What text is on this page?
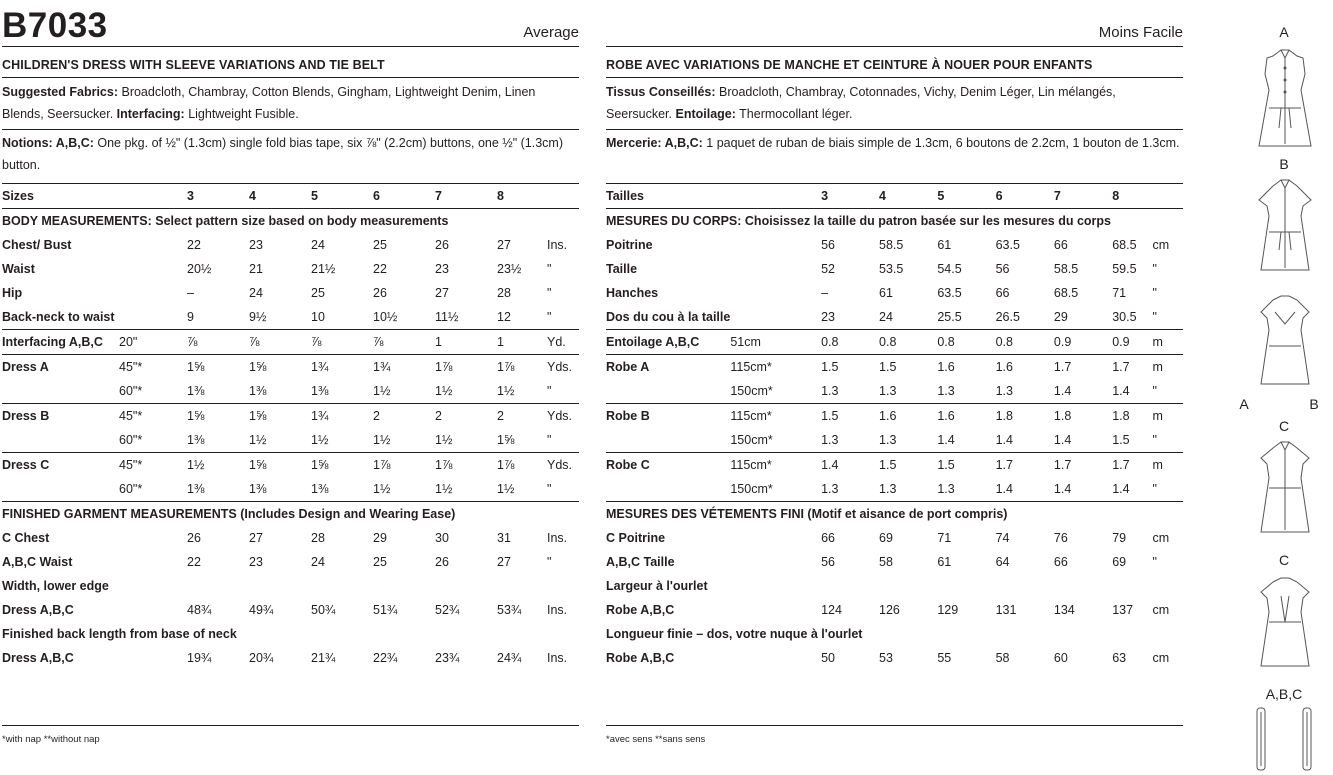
B7033	Average
CHILDREN'S DRESS WITH SLEEVE VARIATIONS AND TIE BELT
Suggested Fabrics: Broadcloth, Chambray, Cotton Blends, Gingham, Lightweight Denim, Linen Blends, Seersucker. Interfacing: Lightweight Fusible.
Notions: A,B,C: One pkg. of ½" (1.3cm) single fold bias tape, six ⅞" (2.2cm) buttons, one ½" (1.3cm) button.
Sizes		3	4	5	6	7	8		
BODY MEASUREMENTS: Select pattern size based on body measurements									
Chest/ Bust		22	23	24	25	26	27	Ins.	
Waist		20½	21	21½	22	23	23½	"	
Hip		–	24	25	26	27	28	"	
Back-neck to waist		9	9½	10	10½	11½	12	"	
Interfacing A,B,C	20"	⅞	⅞	⅞	⅞	1	1	Yd.	
Dress A	45"*	1⅝	1⅝	1¾	1¾	1⅞	1⅞	Yds.	
	60"*	1⅜	1⅜	1⅜	1½	1½	1½	"	
Dress B	45"*	1⅝	1⅝	1¾	2	2	2	Yds.	
	60"*	1⅜	1½	1½	1½	1½	1⅝	"	
Dress C	45"*	1½	1⅝	1⅝	1⅞	1⅞	1⅞	Yds.	
	60"*	1⅜	1⅜	1⅜	1½	1½	1½	"	
FINISHED GARMENT MEASUREMENTS (Includes Design and Wearing Ease)									
C Chest		26	27	28	29	30	31	Ins.	
A,B,C Waist		22	23	24	25	26	27	"	
Width, lower edge									
Dress A,B,C		48¾	49¾	50¾	51¾	52¾	53¾	Ins.	
Finished back length from base of neck									
Dress A,B,C		19¾	20¾	21¾	22¾	23¾	24¾	Ins.	
*with nap **without nap
Moins Facile
ROBE AVEC VARIATIONS DE MANCHE ET CEINTURE À NOUER POUR ENFANTS
Tissus Conseillés: Broadcloth, Chambray, Cotonnades, Vichy, Denim Léger, Lin mélangés, Seersucker. Entoilage: Thermocollant léger.
Mercerie: A,B,C: 1 paquet de ruban de biais simple de 1.3cm, 6 boutons de 2.2cm, 1 bouton de 1.3cm.
Tailles		3	4	5	6	7	8		
MESURES DU CORPS: Choisissez la taille du patron basée sur les mesures du corps									
Poitrine		56	58.5	61	63.5	66	68.5	cm	
Taille		52	53.5	54.5	56	58.5	59.5	"	
Hanches		–	61	63.5	66	68.5	71	"	
Dos du cou à la taille		23	24	25.5	26.5	29	30.5	"	
Entoilage A,B,C	51cm	0.8	0.8	0.8	0.8	0.9	0.9	m	
Robe A	115cm*	1.5	1.5	1.6	1.6	1.7	1.7	m	
	150cm*	1.3	1.3	1.3	1.3	1.4	1.4	"	
Robe B	115cm*	1.5	1.6	1.6	1.8	1.8	1.8	m	
	150cm*	1.3	1.3	1.4	1.4	1.4	1.5	"	
Robe C	115cm*	1.4	1.5	1.5	1.7	1.7	1.7	m	
	150cm*	1.3	1.3	1.3	1.4	1.4	1.4	"	
MESURES DES VÉTEMENTS FINI (Motif et aisance de port compris)									
C Poitrine		66	69	71	74	76	79	cm	
A,B,C Taille		56	58	61	64	66	69	"	
Largeur à l'ourlet									
Robe A,B,C		124	126	129	131	134	137	cm	
Longueur finie – dos, votre nuque à l'ourlet									
Robe A,B,C		50	53	55	58	60	63	cm	
*avec sens **sans sens
A
B
A	B
C
C
A,B,C
